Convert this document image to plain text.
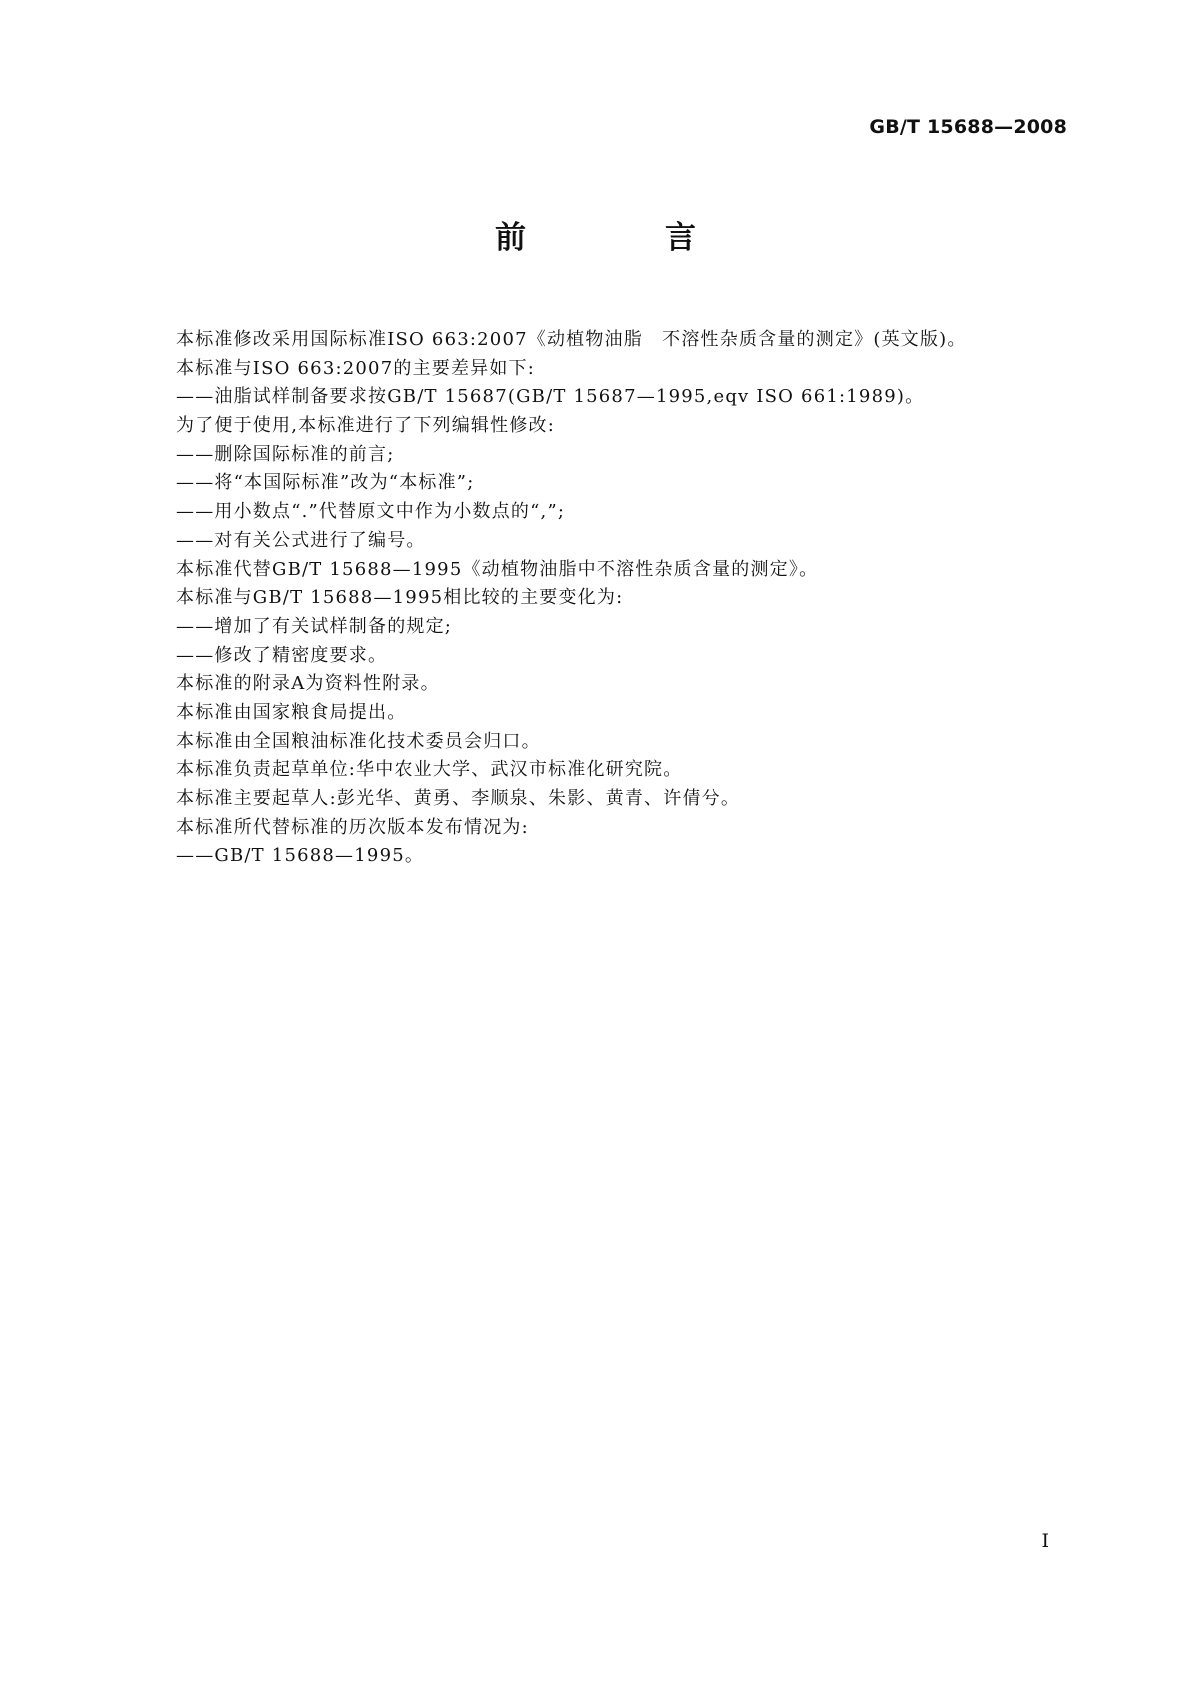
GB/T 15688—2008
前　言
本标准修改采用国际标准ISO 663:2007《动植物油脂　不溶性杂质含量的测定》(英文版)。
本标准与ISO 663:2007的主要差异如下:
——油脂试样制备要求按GB/T 15687(GB/T 15687—1995,eqv ISO 661:1989)。
为了便于使用,本标准进行了下列编辑性修改:
——删除国际标准的前言;
——将“本国际标准”改为“本标准”;
——用小数点“.”代替原文中作为小数点的“,”;
——对有关公式进行了编号。
本标准代替GB/T 15688—1995《动植物油脂中不溶性杂质含量的测定》。
本标准与GB/T 15688—1995相比较的主要变化为:
——增加了有关试样制备的规定;
——修改了精密度要求。
本标准的附录A为资料性附录。
本标准由国家粮食局提出。
本标准由全国粮油标准化技术委员会归口。
本标准负责起草单位:华中农业大学、武汉市标准化研究院。
本标准主要起草人:彭光华、黄勇、李顺泉、朱影、黄青、许倩兮。
本标准所代替标准的历次版本发布情况为:
——GB/T 15688—1995。
I
